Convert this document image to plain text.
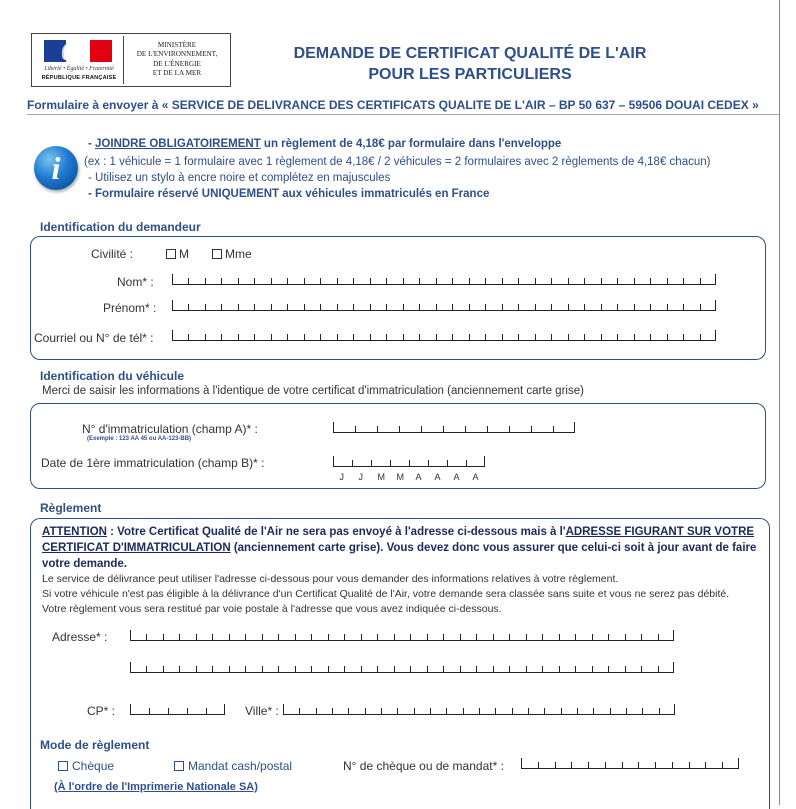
Liberté • Égalité • Fraternité
RÉPUBLIQUE FRANÇAISE
MINISTÈRE
DE L'ENVIRONNEMENT,
DE L'ÉNERGIE
ET DE LA MER
DEMANDE DE CERTIFICAT QUALITÉ DE L'AIR
POUR LES PARTICULIERS
Formulaire à envoyer à « SERVICE DE DELIVRANCE DES CERTIFICATS QUALITE DE L'AIR – BP 50 637 – 59506 DOUAI CEDEX »
i
- JOINDRE OBLIGATOIREMENT un règlement de 4,18€ par formulaire dans l'enveloppe
(ex : 1 véhicule = 1 formulaire avec 1 règlement de 4,18€ / 2 véhicules = 2 formulaires avec 2 règlements de 4,18€ chacun)
- Utilisez un stylo à encre noire et complétez en majuscules
- Formulaire réservé UNIQUEMENT aux véhicules immatriculés en France
Identification du demandeur
Civilité :	M	Mme
Nom* :
Prénom* :
Courriel ou N° de tél* :
Identification du véhicule
Merci de saisir les informations à l'identique de votre certificat d'immatriculation (anciennement carte grise)
N° d'immatriculation (champ A)* :
(Exemple : 123 AA 45 ou AA-123-BB)
Date de 1ère immatriculation (champ B)* :
J J M M A A A A
Règlement
ATTENTION : Votre Certificat Qualité de l'Air ne sera pas envoyé à l'adresse ci-dessous mais à l'ADRESSE FIGURANT SUR VOTRE CERTIFICAT D'IMMATRICULATION (anciennement carte grise). Vous devez donc vous assurer que celui-ci soit à jour avant de faire votre demande.
Le service de délivrance peut utiliser l'adresse ci-dessous pour vous demander des informations relatives à votre règlement.
Si votre véhicule n'est pas éligible à la délivrance d'un Certificat Qualité de l'Air, votre demande sera classée sans suite et vous ne serez pas débité.
Votre règlement vous sera restitué par voie postale à l'adresse que vous avez indiquée ci-dessous.
Adresse* :
CP* :	Ville* :
Mode de règlement
Chèque	Mandat cash/postal	N° de chèque ou de mandat* :
(À l'ordre de l'Imprimerie Nationale SA)
